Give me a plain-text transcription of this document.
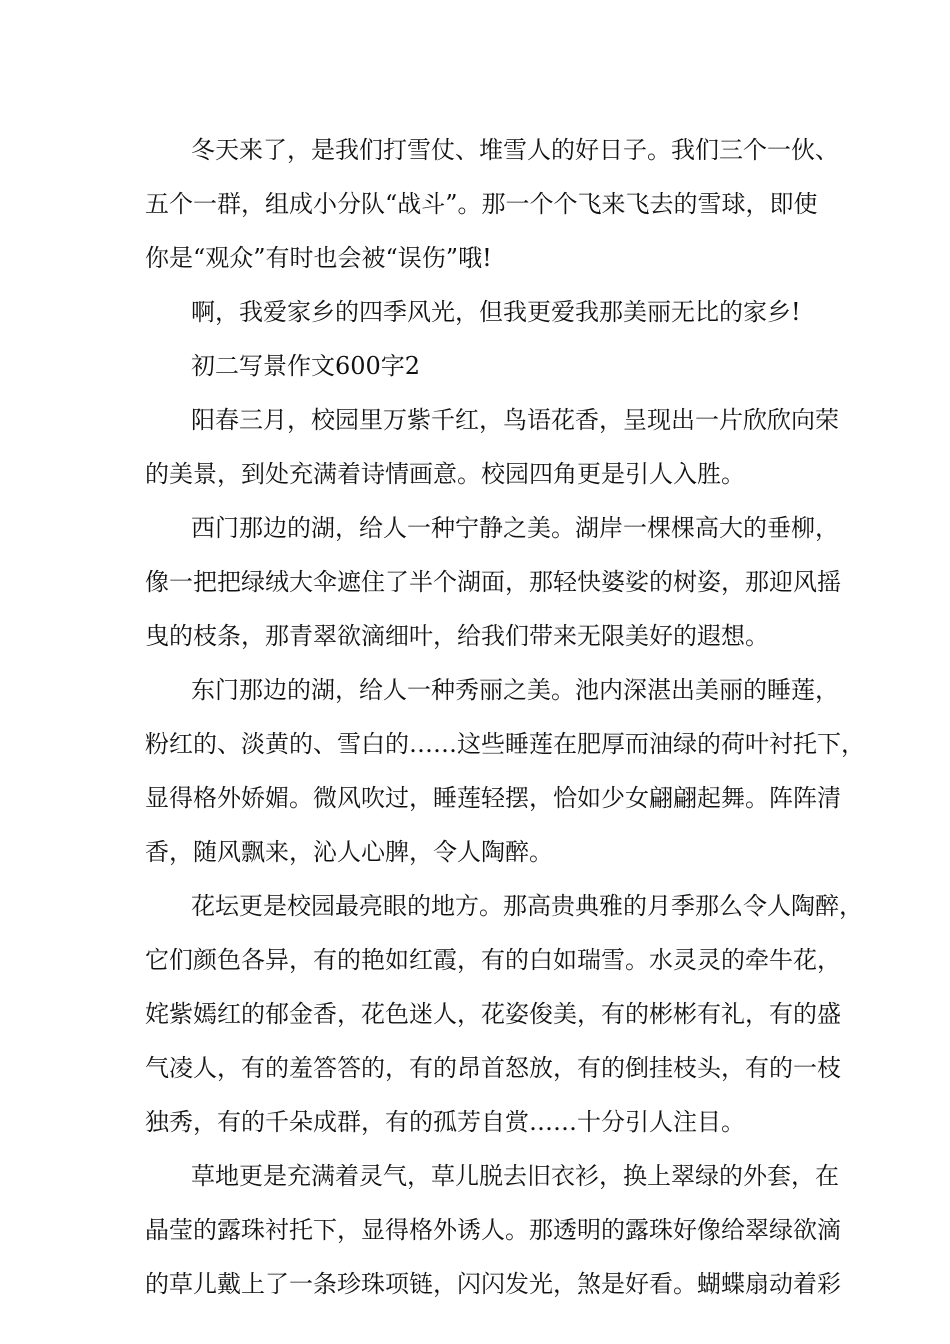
冬天来了，是我们打雪仗、堆雪人的好日子。我们三个一伙、
五个一群，组成小分队“战斗”。那一个个飞来飞去的雪球，即使
你是“观众”有时也会被“误伤”哦!
啊，我爱家乡的四季风光，但我更爱我那美丽无比的家乡!
初二写景作文600字2
阳春三月，校园里万紫千红，鸟语花香，呈现出一片欣欣向荣
的美景，到处充满着诗情画意。校园四角更是引人入胜。
西门那边的湖，给人一种宁静之美。湖岸一棵棵高大的垂柳，
像一把把绿绒大伞遮住了半个湖面，那轻快婆娑的树姿，那迎风摇
曳的枝条，那青翠欲滴细叶，给我们带来无限美好的遐想。
东门那边的湖，给人一种秀丽之美。池内深湛出美丽的睡莲，
粉红的、淡黄的、雪白的……这些睡莲在肥厚而油绿的荷叶衬托下，
显得格外娇媚。微风吹过，睡莲轻摆，恰如少女翩翩起舞。阵阵清
香，随风飘来，沁人心脾，令人陶醉。
花坛更是校园最亮眼的地方。那高贵典雅的月季那么令人陶醉，
它们颜色各异，有的艳如红霞，有的白如瑞雪。水灵灵的牵牛花，
姹紫嫣红的郁金香，花色迷人，花姿俊美，有的彬彬有礼，有的盛
气凌人，有的羞答答的，有的昂首怒放，有的倒挂枝头，有的一枝
独秀，有的千朵成群，有的孤芳自赏……十分引人注目。
草地更是充满着灵气，草儿脱去旧衣衫，换上翠绿的外套，在
晶莹的露珠衬托下，显得格外诱人。那透明的露珠好像给翠绿欲滴
的草儿戴上了一条珍珠项链，闪闪发光，煞是好看。蝴蝶扇动着彩
